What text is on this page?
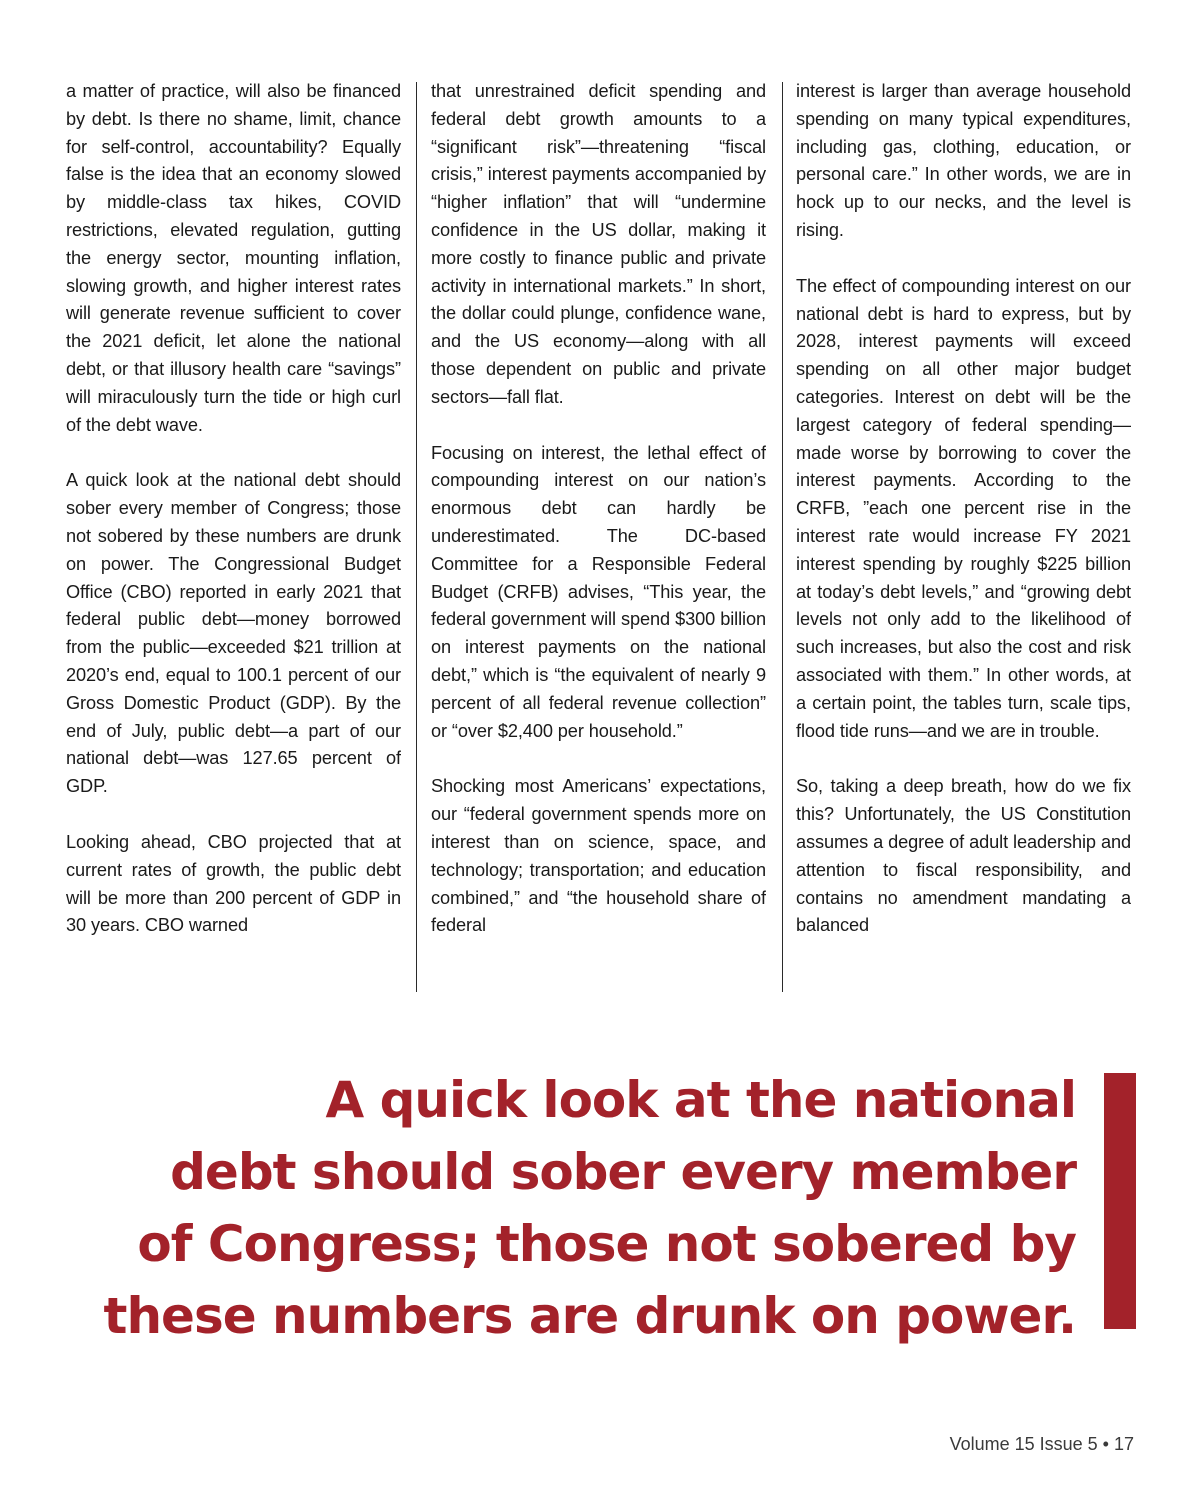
a matter of practice, will also be financed by debt. Is there no shame, limit, chance for self-control, accountability? Equally false is the idea that an economy slowed by middle-class tax hikes, COVID restrictions, elevated regulation, gutting the energy sector, mounting inflation, slowing growth, and higher interest rates will generate revenue sufficient to cover the 2021 deficit, let alone the national debt, or that illusory health care “savings” will miraculously turn the tide or high curl of the debt wave.

A quick look at the national debt should sober every member of Congress; those not sobered by these numbers are drunk on power. The Congressional Budget Office (CBO) reported in early 2021 that federal public debt—money borrowed from the public—exceeded $21 trillion at 2020’s end, equal to 100.1 percent of our Gross Domestic Product (GDP). By the end of July, public debt—a part of our national debt—was 127.65 percent of GDP.

Looking ahead, CBO projected that at current rates of growth, the public debt will be more than 200 percent of GDP in 30 years. CBO warned

that unrestrained deficit spending and federal debt growth amounts to a “significant risk”—threatening “fiscal crisis,” interest payments accompanied by “higher inflation” that will “undermine confidence in the US dollar, making it more costly to finance public and private activity in international markets.” In short, the dollar could plunge, confidence wane, and the US economy—along with all those dependent on public and private sectors—fall flat.

Focusing on interest, the lethal effect of compounding interest on our nation’s enormous debt can hardly be underestimated. The DC-based Committee for a Responsible Federal Budget (CRFB) advises, “This year, the federal government will spend $300 billion on interest payments on the national debt,” which is “the equivalent of nearly 9 percent of all federal revenue collection” or “over $2,400 per household.”

Shocking most Americans’ expectations, our “federal government spends more on interest than on science, space, and technology; transportation; and education combined,” and “the household share of federal

interest is larger than average household spending on many typical expenditures, including gas, clothing, education, or personal care.” In other words, we are in hock up to our necks, and the level is rising.

The effect of compounding interest on our national debt is hard to express, but by 2028, interest payments will exceed spending on all other major budget categories. Interest on debt will be the largest category of federal spending—made worse by borrowing to cover the interest payments. According to the CRFB, ”each one percent rise in the interest rate would increase FY 2021 interest spending by roughly $225 billion at today’s debt levels,” and “growing debt levels not only add to the likelihood of such increases, but also the cost and risk associated with them.” In other words, at a certain point, the tables turn, scale tips, flood tide runs—and we are in trouble.

So, taking a deep breath, how do we fix this? Unfortunately, the US Constitution assumes a degree of adult leadership and attention to fiscal responsibility, and contains no amendment mandating a balanced

A quick look at the national
debt should sober every member
of Congress; those not sobered by
these numbers are drunk on power.
Volume 15 Issue 5 • 17
